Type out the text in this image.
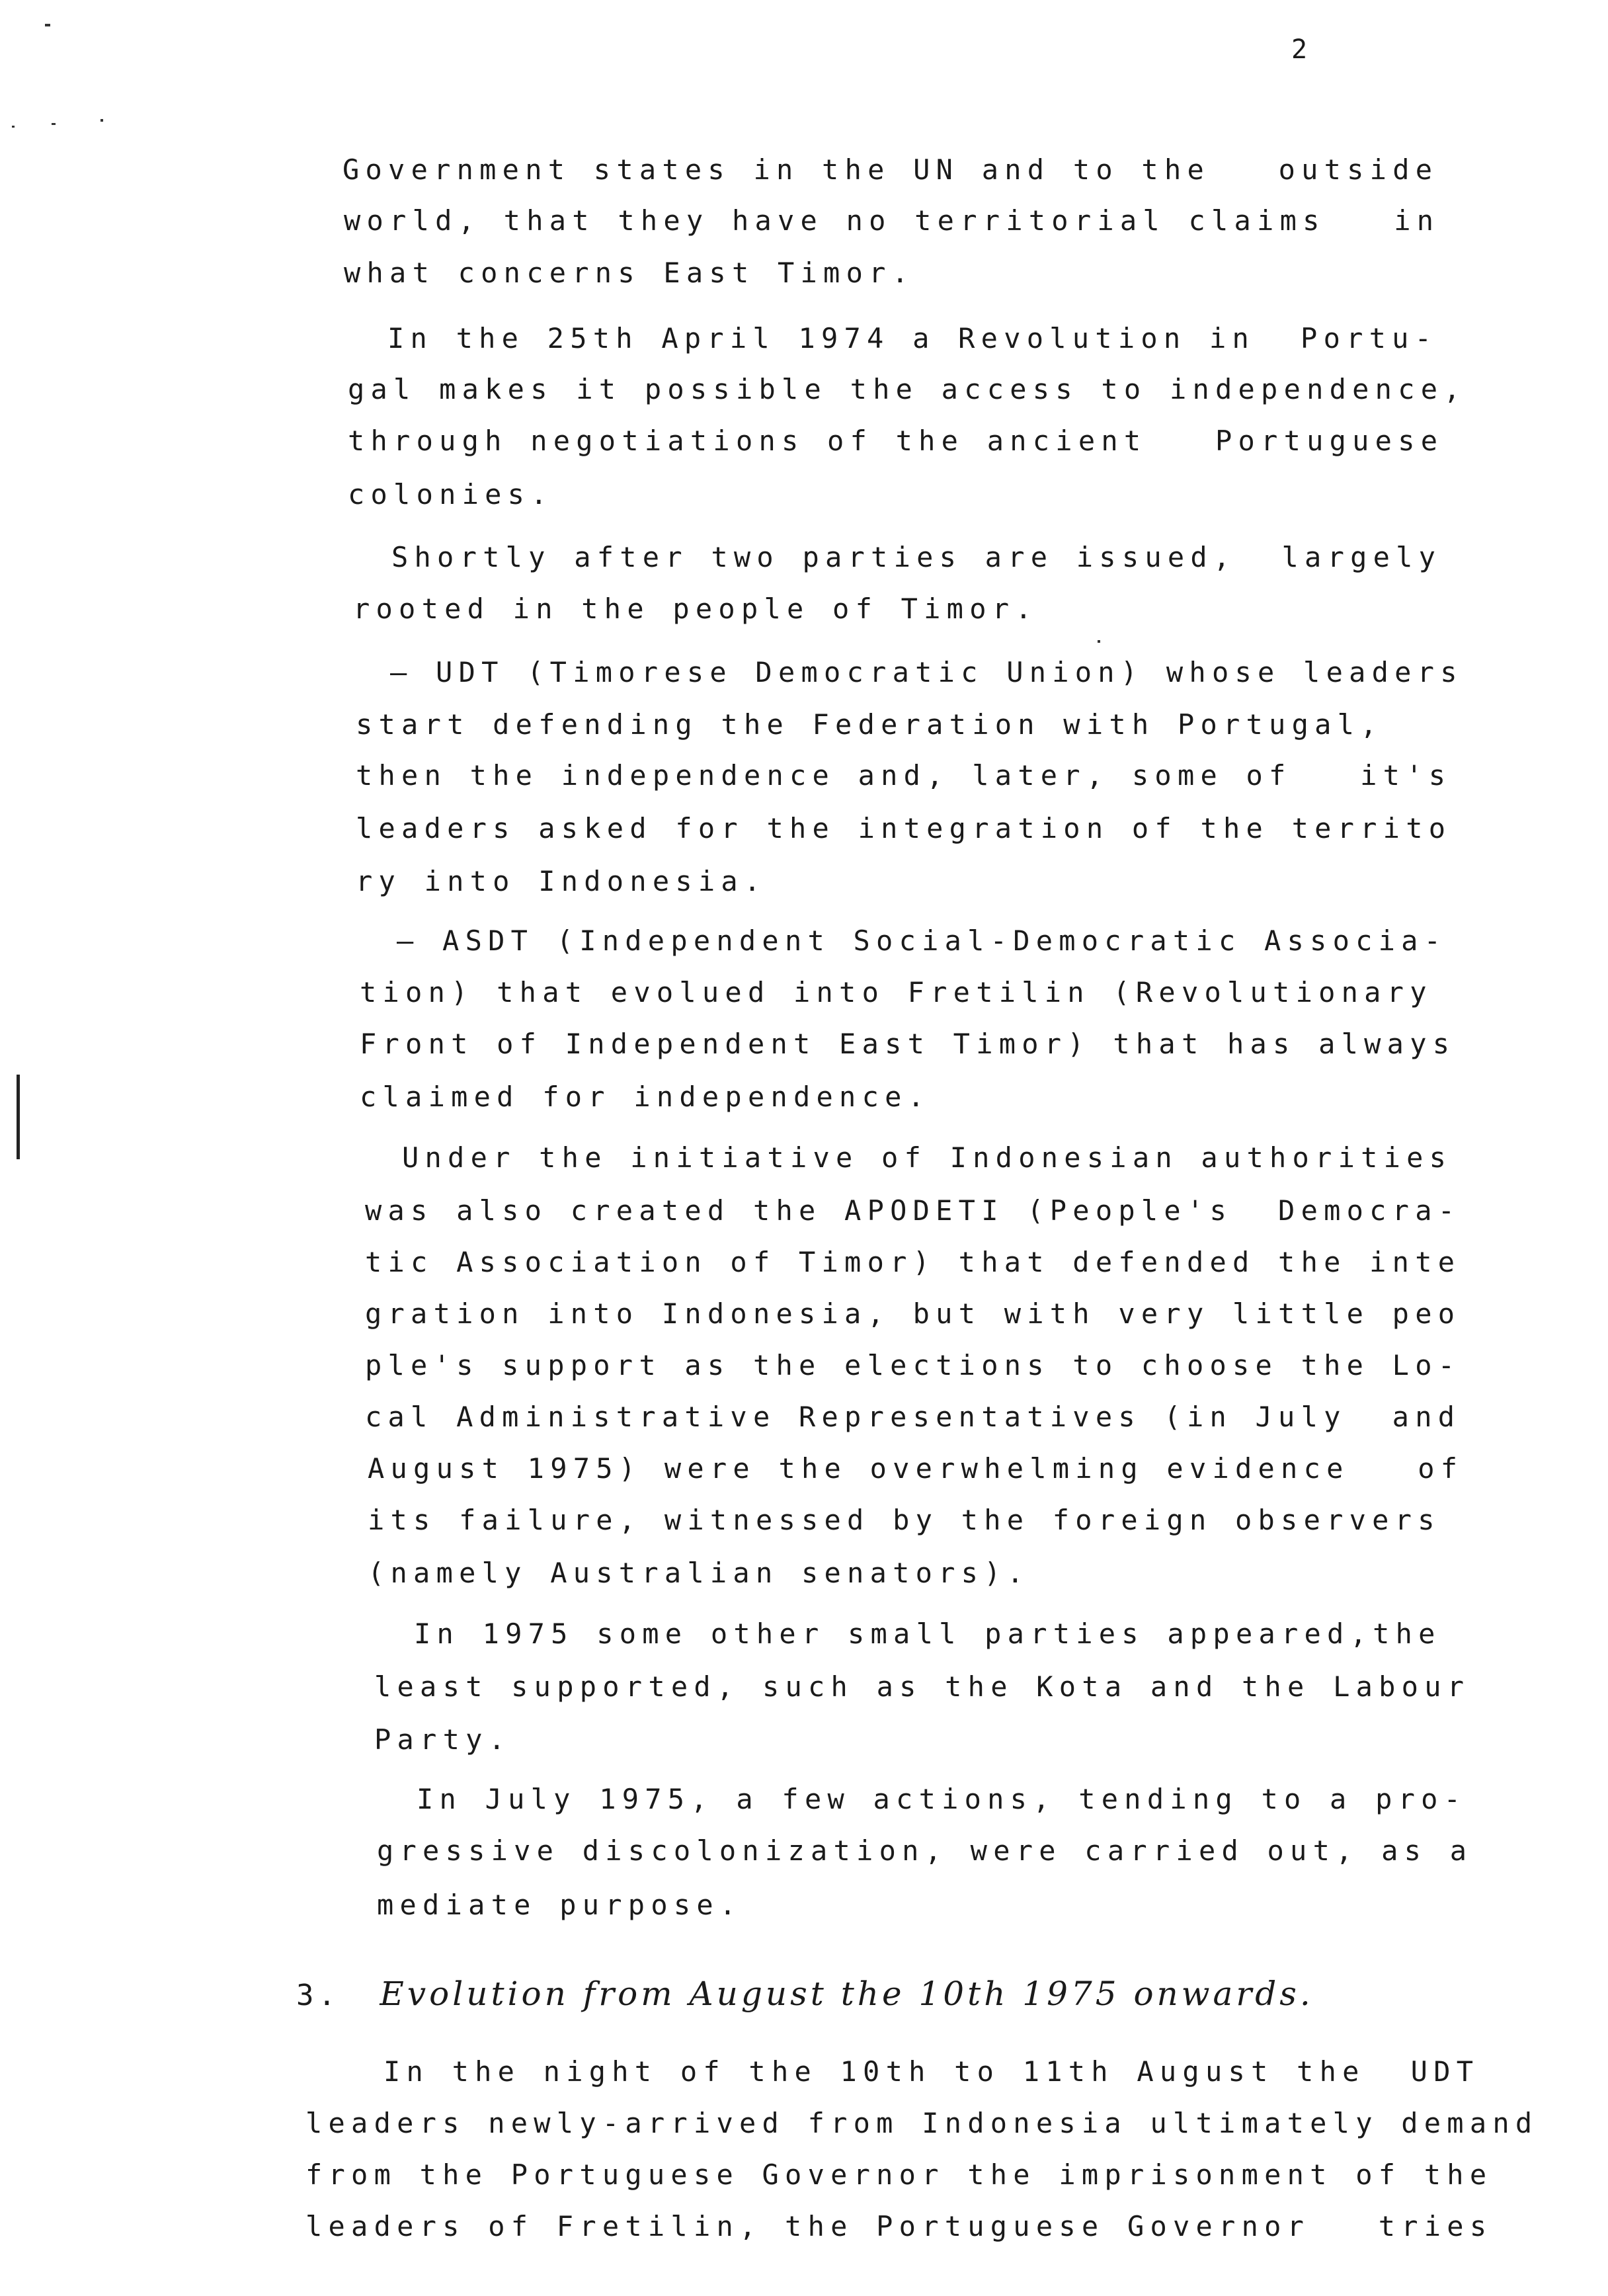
2
Government states in the UN and to the   outside
world, that they have no territorial claims   in
what concerns East Timor.
In the 25th April 1974 a Revolution in  Portu-
gal makes it possible the access to independence,
through negotiations of the ancient   Portuguese
colonies.
Shortly after two parties are issued,  largely
rooted in the people of Timor.
— UDT (Timorese Democratic Union) whose leaders
start defending the Federation with Portugal,
then the independence and, later, some of   it's
leaders asked for the integration of the territo
ry into Indonesia.
— ASDT (Independent Social-Democratic Associa-
tion) that evolued into Fretilin (Revolutionary
Front of Independent East Timor) that has always
claimed for independence.
Under the initiative of Indonesian authorities
was also created the APODETI (People's  Democra-
tic Association of Timor) that defended the inte
gration into Indonesia, but with very little peo
ple's support as the elections to choose the Lo-
cal Administrative Representatives (in July  and
August 1975) were the overwhelming evidence   of
its failure, witnessed by the foreign observers
(namely Australian senators).
In 1975 some other small parties appeared,the
least supported, such as the Kota and the Labour
Party.
In July 1975, a few actions, tending to a pro-
gressive discolonization, were carried out, as a
mediate purpose.
3. Evolution from August the 10th 1975 onwards.
In the night of the 10th to 11th August the  UDT
leaders newly-arrived from Indonesia ultimately demand
from the Portuguese Governor the imprisonment of the
leaders of Fretilin, the Portuguese Governor   tries
